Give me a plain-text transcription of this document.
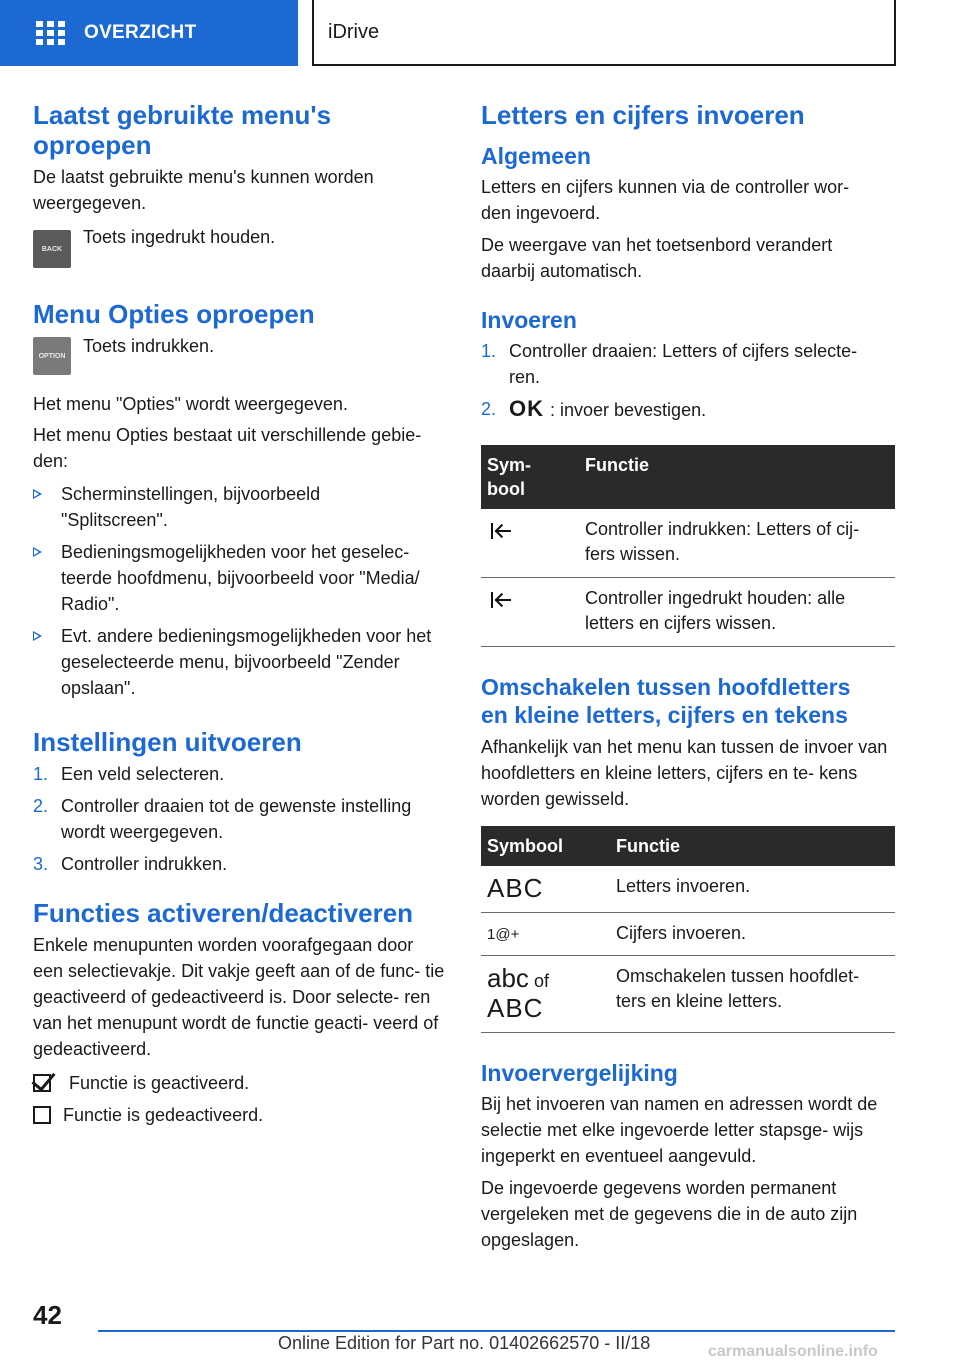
OVERZICHT	iDrive
Laatst gebruikte menu's oproepen

De laatst gebruikte menu's kunnen worden weergegeven.

BACK

Toets ingedrukt houden.

Menu Opties oproepen
OPTION Toets indrukken.

Het menu "Opties" wordt weergegeven.

Het menu Opties bestaat uit verschillende gebie- den:

Scherminstellingen, bijvoorbeeld "Splitscreen".
Bedieningsmogelijkheden voor het geselec- teerde hoofdmenu, bijvoorbeeld voor "Media/ Radio".
Evt. andere bedieningsmogelijkheden voor het geselecteerde menu, bijvoorbeeld "Zender opslaan".
Instellingen uitvoeren
1. Een veld selecteren.
2. Controller draaien tot de gewenste instelling wordt weergegeven.
3. Controller indrukken.
Functies activeren/deactiveren

Enkele menupunten worden voorafgegaan door een selectievakje. Dit vakje geeft aan of de func- tie geactiveerd of gedeactiveerd is. Door selecte- ren van het menupunt wordt de functie geacti- veerd of gedeactiveerd.

Functie is geactiveerd.
Functie is gedeactiveerd.
Letters en cijfers invoeren
Algemeen

Letters en cijfers kunnen via de controller wor- den ingevoerd.

De weergave van het toetsenbord verandert daarbij automatisch.

Invoeren
1. Controller draaien: Letters of cijfers selecte- ren.
2. OK : invoer bevestigen.
Sym- bool	Functie

	Controller indrukken: Letters of cij- fers wissen.

	Controller ingedrukt houden: alle letters en cijfers wissen.
Omschakelen tussen hoofdletters en kleine letters, cijfers en tekens

Afhankelijk van het menu kan tussen de invoer van hoofdletters en kleine letters, cijfers en te- kens worden gewisseld.

Symbool	Functie
ABC	Letters invoeren.
1@+	Cijfers invoeren.

abc of
ABC	Omschakelen tussen hoofdlet- ters en kleine letters.
Invoervergelijking

Bij het invoeren van namen en adressen wordt de selectie met elke ingevoerde letter stapsge- wijs ingeperkt en eventueel aangevuld.

De ingevoerde gegevens worden permanent vergeleken met de gegevens die in de auto zijn opgeslagen.

42
Online Edition for Part no. 01402662570 - II/18	carmanualsonline.info
